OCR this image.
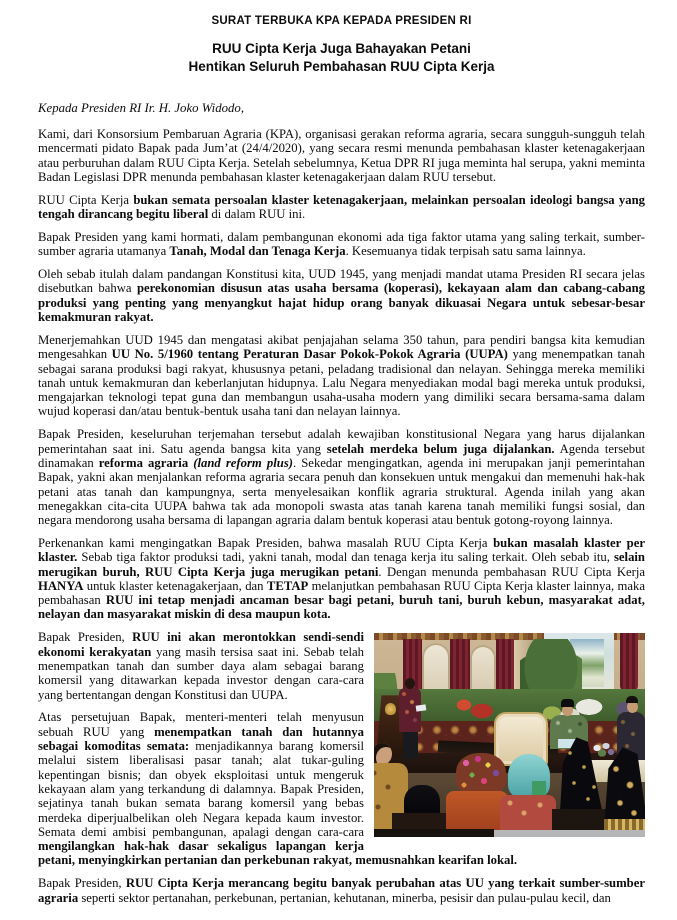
SURAT TERBUKA KPA KEPADA PRESIDEN RI
RUU Cipta Kerja Juga Bahayakan Petani
Hentikan Seluruh Pembahasan RUU Cipta Kerja

Kepada Presiden RI Ir. H. Joko Widodo,

Kami, dari Konsorsium Pembaruan Agraria (KPA), organisasi gerakan reforma agraria, secara sungguh-sungguh telah mencermati pidato Bapak pada Jum’at (24/4/2020), yang secara resmi menunda pembahasan klaster ketenagakerjaan atau perburuhan dalam RUU Cipta Kerja. Setelah sebelumnya, Ketua DPR RI juga meminta hal serupa, yakni meminta Badan Legislasi DPR menunda pembahasan klaster ketenagakerjaan dalam RUU tersebut.

RUU Cipta Kerja bukan semata persoalan klaster ketenagakerjaan, melainkan persoalan ideologi bangsa yang tengah dirancang begitu liberal di dalam RUU ini.

Bapak Presiden yang kami hormati, dalam pembangunan ekonomi ada tiga faktor utama yang saling terkait, sumber-sumber agraria utamanya Tanah, Modal dan Tenaga Kerja. Kesemuanya tidak terpisah satu sama lainnya.

Oleh sebab itulah dalam pandangan Konstitusi kita, UUD 1945, yang menjadi mandat utama Presiden RI secara jelas disebutkan bahwa perekonomian disusun atas usaha bersama (koperasi), kekayaan alam dan cabang-cabang produksi yang penting yang menyangkut hajat hidup orang banyak dikuasai Negara untuk sebesar-besar kemakmuran rakyat.

Menerjemahkan UUD 1945 dan mengatasi akibat penjajahan selama 350 tahun, para pendiri bangsa kita kemudian mengesahkan UU No. 5/1960 tentang Peraturan Dasar Pokok-Pokok Agraria (UUPA) yang menempatkan tanah sebagai sarana produksi bagi rakyat, khususnya petani, peladang tradisional dan nelayan. Sehingga mereka memiliki tanah untuk kemakmuran dan keberlanjutan hidupnya. Lalu Negara menyediakan modal bagi mereka untuk produksi, mengajarkan teknologi tepat guna dan membangun usaha-usaha modern yang dimiliki secara bersama-sama dalam wujud koperasi dan/atau bentuk-bentuk usaha tani dan nelayan lainnya.

Bapak Presiden, keseluruhan terjemahan tersebut adalah kewajiban konstitusional Negara yang harus dijalankan pemerintahan saat ini. Satu agenda bangsa kita yang setelah merdeka belum juga dijalankan. Agenda tersebut dinamakan reforma agraria (land reform plus). Sekedar mengingatkan, agenda ini merupakan janji pemerintahan Bapak, yakni akan menjalankan reforma agraria secara penuh dan konsekuen untuk mengakui dan memenuhi hak-hak petani atas tanah dan kampungnya, serta menyelesaikan konflik agraria struktural. Agenda inilah yang akan menegakkan cita-cita UUPA bahwa tak ada monopoli swasta atas tanah karena tanah memiliki fungsi sosial, dan negara mendorong usaha bersama di lapangan agraria dalam bentuk koperasi atau bentuk gotong-royong lainnya.

Perkenankan kami mengingatkan Bapak Presiden, bahwa masalah RUU Cipta Kerja bukan masalah klaster per klaster. Sebab tiga faktor produksi tadi, yakni tanah, modal dan tenaga kerja itu saling terkait. Oleh sebab itu, selain merugikan buruh, RUU Cipta Kerja juga merugikan petani. Dengan menunda pembahasan RUU Cipta Kerja HANYA untuk klaster ketenagakerjaan, dan TETAP melanjutkan pembahasan RUU Cipta Kerja klaster lainnya, maka pembahasan RUU ini tetap menjadi ancaman besar bagi petani, buruh tani, buruh kebun, masyarakat adat, nelayan dan masyarakat miskin di desa maupun kota.

Bapak Presiden, RUU ini akan merontokkan sendi-sendi ekonomi kerakyatan yang masih tersisa saat ini. Sebab telah menempatkan tanah dan sumber daya alam sebagai barang komersil yang ditawarkan kepada investor dengan cara-cara yang bertentangan dengan Konstitusi dan UUPA.

Atas persetujuan Bapak, menteri-menteri telah menyusun sebuah RUU yang menempatkan tanah dan hutannya sebagai komoditas semata: menjadikannya barang komersil melalui sistem liberalisasi pasar tanah; alat tukar-guling kepentingan bisnis; dan obyek eksploitasi untuk mengeruk kekayaan alam yang terkandung di dalamnya. Bapak Presiden, sejatinya tanah bukan semata barang komersil yang bebas merdeka diperjualbelikan oleh Negara kepada kaum investor. Semata demi ambisi pembangunan, apalagi dengan cara-cara mengilangkan hak-hak dasar sekaligus lapangan kerja petani, menyingkirkan pertanian dan perkebunan rakyat, memusnahkan kearifan lokal.

Bapak Presiden, RUU Cipta Kerja merancang begitu banyak perubahan atas UU yang terkait sumber-sumber agraria seperti sektor pertanahan, perkebunan, pertanian, kehutanan, minerba, pesisir dan pulau-pulau kecil, dan
